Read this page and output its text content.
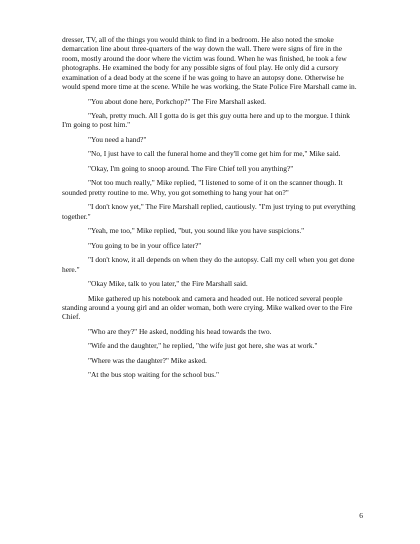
dresser, TV, all of the things you would think to find in a bedroom. He also noted the smoke demarcation line about three-quarters of the way down the wall. There were signs of fire in the room, mostly around the door where the victim was found. When he was finished, he took a few photographs. He examined the body for any possible signs of foul play. He only did a cursory examination of a dead body at the scene if he was going to have an autopsy done. Otherwise he would spend more time at the scene. While he was working, the State Police Fire Marshall came in.

"You about done here, Porkchop?" The Fire Marshall asked.

"Yeah, pretty much. All I gotta do is get this guy outta here and up to the morgue. I think I'm going to post him."

"You need a hand?"

"No, I just have to call the funeral home and they'll come get him for me," Mike said.

"Okay, I'm going to snoop around. The Fire Chief tell you anything?"

"Not too much really," Mike replied, "I listened to some of it on the scanner though. It sounded pretty routine to me. Why, you got something to hang your hat on?"

"I don't know yet," The Fire Marshall replied, cautiously. "I'm just trying to put everything together."

"Yeah, me too," Mike replied, "but, you sound like you have suspicions."

"You going to be in your office later?"

"I don't know, it all depends on when they do the autopsy. Call my cell when you get done here."

"Okay Mike, talk to you later," the Fire Marshall said.

Mike gathered up his notebook and camera and headed out. He noticed several people standing around a young girl and an older woman, both were crying. Mike walked over to the Fire Chief.

"Who are they?" He asked, nodding his head towards the two.

"Wife and the daughter," he replied, "the wife just got here, she was at work."

"Where was the daughter?" Mike asked.

"At the bus stop waiting for the school bus."

6
